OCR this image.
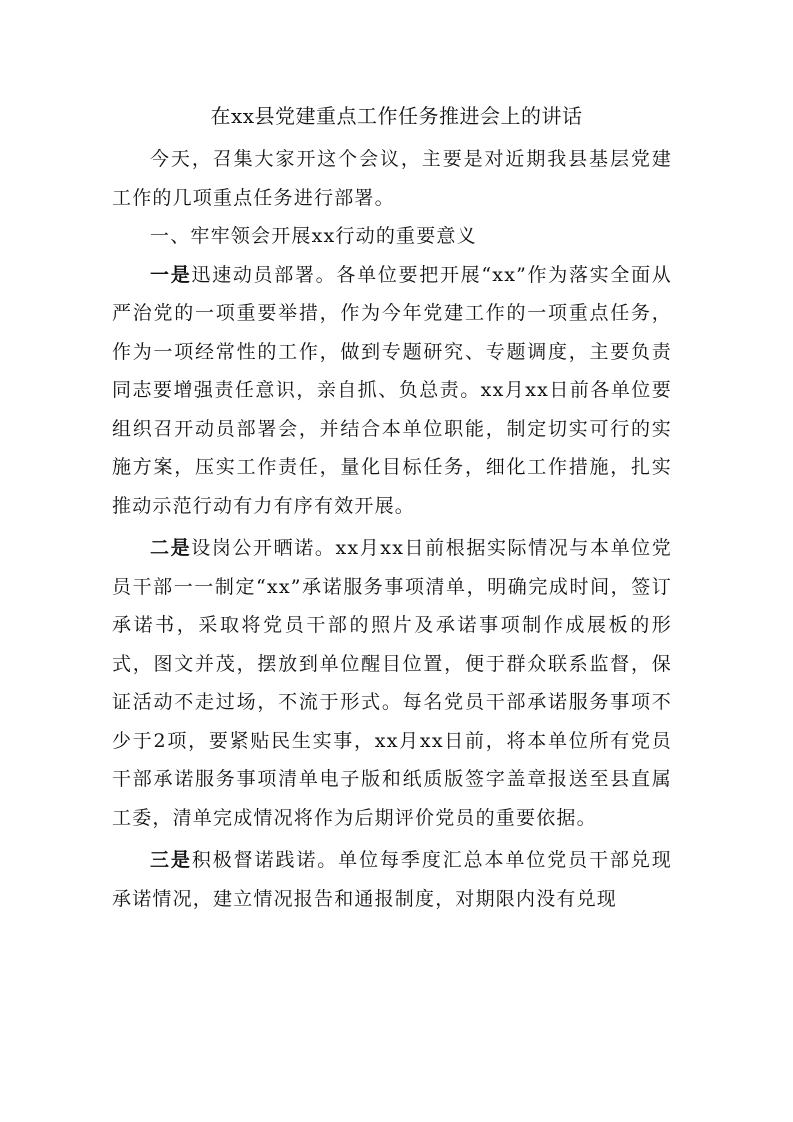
在xx县党建重点工作任务推进会上的讲话

今天，召集大家开这个会议，主要是对近期我县基层党建工作的几项重点任务进行部署。

一、牢牢领会开展xx行动的重要意义

一是迅速动员部署。各单位要把开展“xx”作为落实全面从严治党的一项重要举措，作为今年党建工作的一项重点任务，作为一项经常性的工作，做到专题研究、专题调度，主要负责同志要增强责任意识，亲自抓、负总责。xx月xx日前各单位要组织召开动员部署会，并结合本单位职能，制定切实可行的实施方案，压实工作责任，量化目标任务，细化工作措施，扎实推动示范行动有力有序有效开展。

二是设岗公开晒诺。xx月xx日前根据实际情况与本单位党员干部一一制定“xx”承诺服务事项清单，明确完成时间，签订承诺书，采取将党员干部的照片及承诺事项制作成展板的形式，图文并茂，摆放到单位醒目位置，便于群众联系监督，保证活动不走过场，不流于形式。每名党员干部承诺服务事项不少于2项，要紧贴民生实事，xx月xx日前，将本单位所有党员干部承诺服务事项清单电子版和纸质版签字盖章报送至县直属工委，清单完成情况将作为后期评价党员的重要依据。

三是积极督诺践诺。单位每季度汇总本单位党员干部兑现承诺情况，建立情况报告和通报制度，对期限内没有兑现
